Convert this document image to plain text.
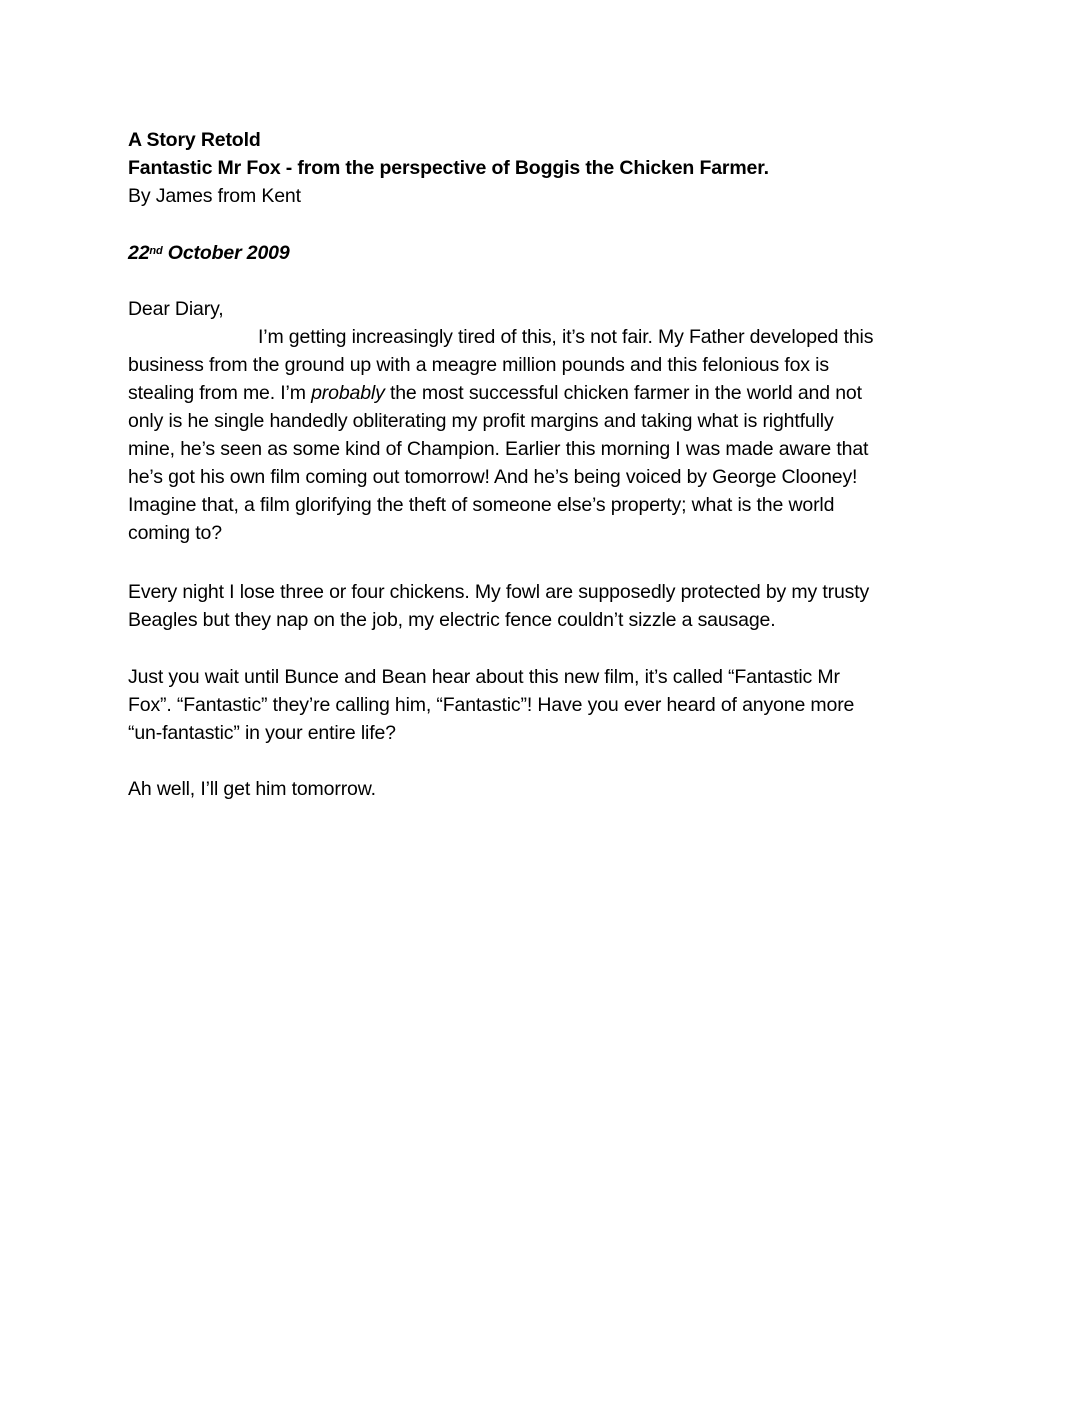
A Story Retold
Fantastic Mr Fox - from the perspective of Boggis the Chicken Farmer.
By James from Kent
22nd October 2009
Dear Diary,
I’m getting increasingly tired of this, it’s not fair. My Father developed this
business from the ground up with a meagre million pounds and this felonious fox is
stealing from me. I’m probably the most successful chicken farmer in the world and not
only is he single handedly obliterating my profit margins and taking what is rightfully
mine, he’s seen as some kind of Champion. Earlier this morning I was made aware that
he’s got his own film coming out tomorrow! And he’s being voiced by George Clooney!
Imagine that, a film glorifying the theft of someone else’s property; what is the world
coming to?
Every night I lose three or four chickens. My fowl are supposedly protected by my trusty
Beagles but they nap on the job, my electric fence couldn’t sizzle a sausage.
Just you wait until Bunce and Bean hear about this new film, it’s called “Fantastic Mr
Fox”. “Fantastic” they’re calling him, “Fantastic”! Have you ever heard of anyone more
“un-fantastic” in your entire life?
Ah well, I’ll get him tomorrow.
